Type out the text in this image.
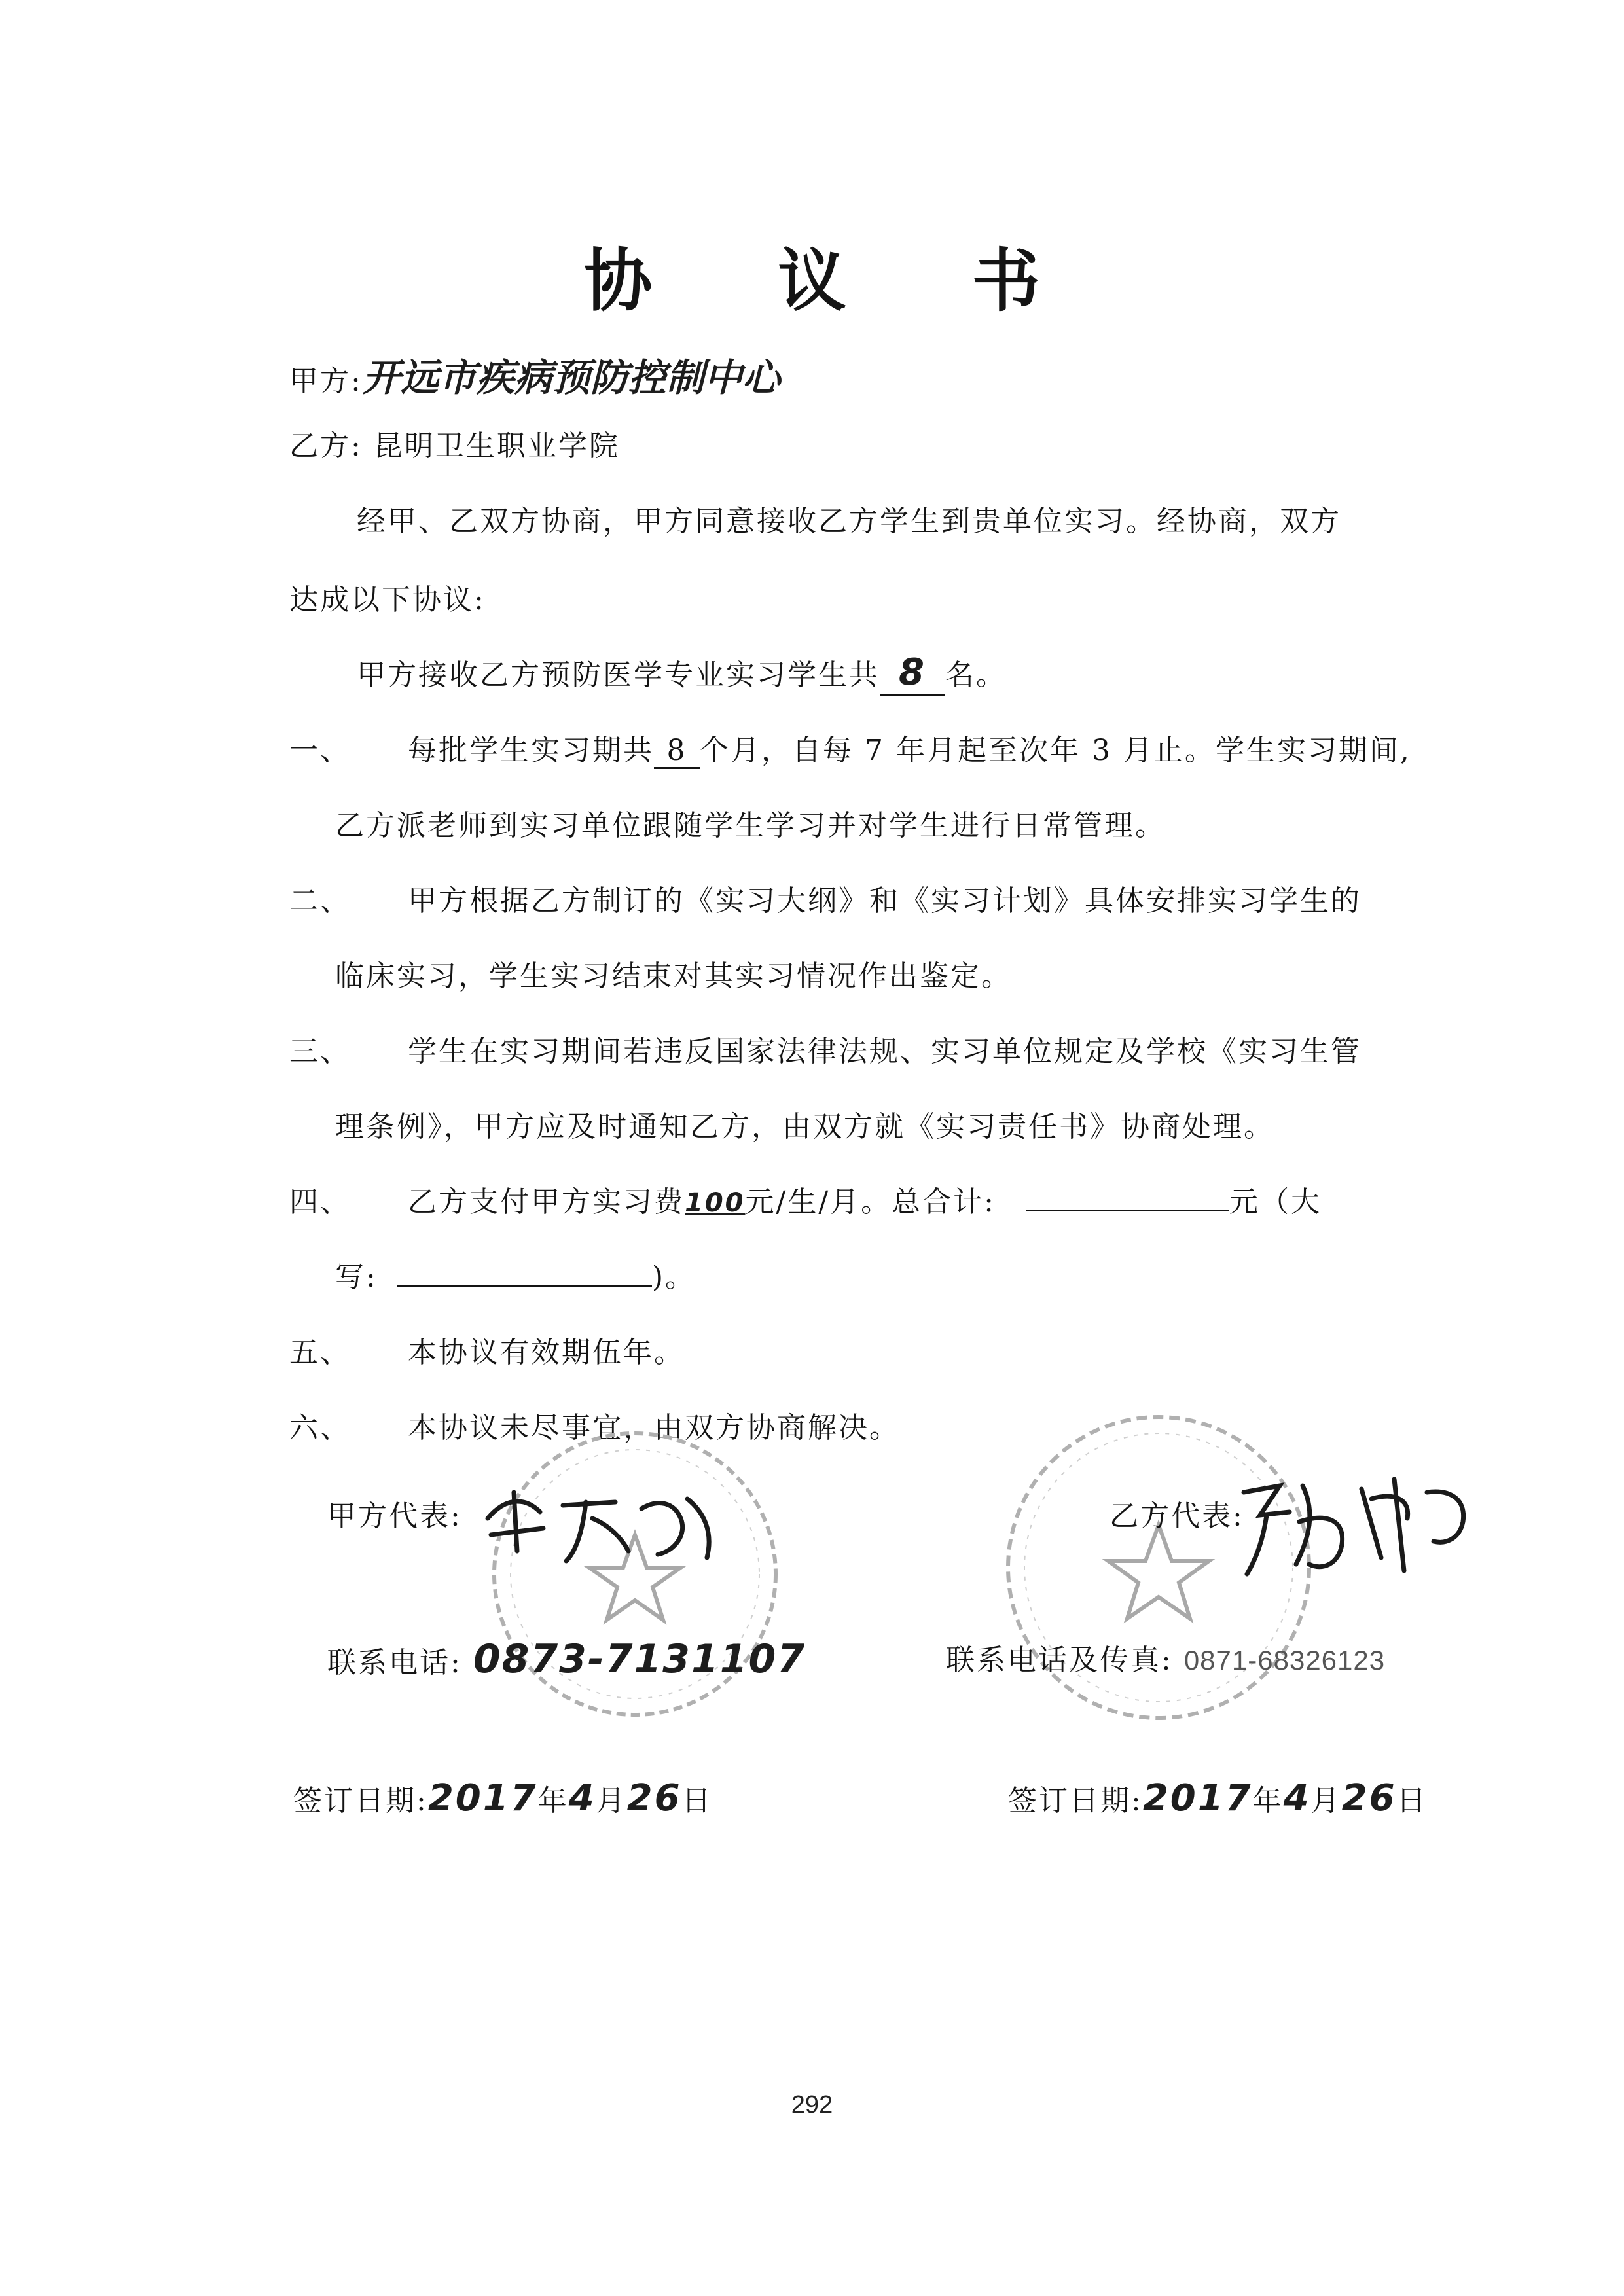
协 议 书
甲方:开远市疾病预防控制中心
乙方: 昆明卫生职业学院
经甲、乙双方协商，甲方同意接收乙方学生到贵单位实习。经协商，双方
达成以下协议:
甲方接收乙方预防医学专业实习学生共 8 名。
一、 每批学生实习期共 8 个月，自每 7 年月起至次年 3 月止。学生实习期间,
乙方派老师到实习单位跟随学生学习并对学生进行日常管理。
二、 甲方根据乙方制订的《实习大纲》和《实习计划》具体安排实习学生的
临床实习，学生实习结束对其实习情况作出鉴定。
三、 学生在实习期间若违反国家法律法规、实习单位规定及学校《实习生管
理条例》，甲方应及时通知乙方，由双方就《实习责任书》协商处理。
四、 乙方支付甲方实习费100元/生/月。总合计:	元（大
写:	)。
五、 本协议有效期伍年。
六、 本协议未尽事宜，由双方协商解决。
甲方代表:
联系电话: 0873-7131107
签订日期:2017年4月26日
乙方代表:
联系电话及传真: 0871-68326123
签订日期:2017年4月26日
292
